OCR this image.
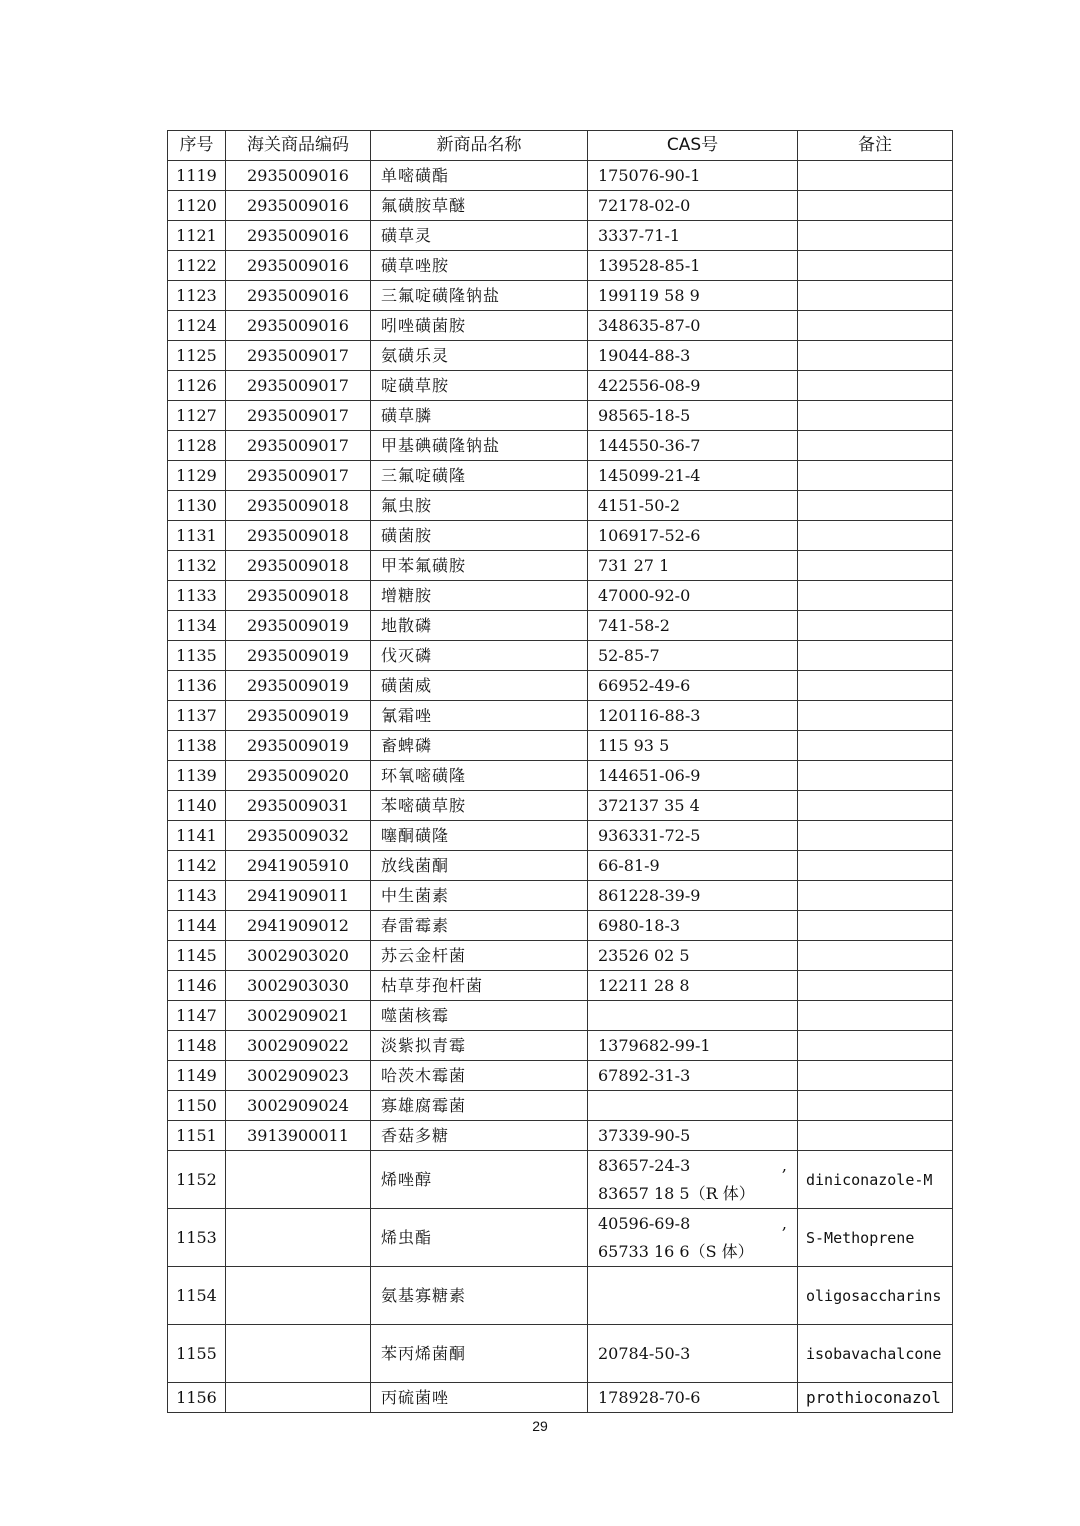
序号	海关商品编码	新商品名称	CAS号	备注
1119	2935009016	单嘧磺酯	175076-90-1	
1120	2935009016	氟磺胺草醚	72178-02-0	
1121	2935009016	磺草灵	3337-71-1	
1122	2935009016	磺草唑胺	139528-85-1	
1123	2935009016	三氟啶磺隆钠盐	199119 58 9	
1124	2935009016	吲唑磺菌胺	348635-87-0	
1125	2935009017	氨磺乐灵	19044-88-3	
1126	2935009017	啶磺草胺	422556-08-9	
1127	2935009017	磺草膦	98565-18-5	
1128	2935009017	甲基碘磺隆钠盐	144550-36-7	
1129	2935009017	三氟啶磺隆	145099-21-4	
1130	2935009018	氟虫胺	4151-50-2	
1131	2935009018	磺菌胺	106917-52-6	
1132	2935009018	甲苯氟磺胺	731 27 1	
1133	2935009018	增糖胺	47000-92-0	
1134	2935009019	地散磷	741-58-2	
1135	2935009019	伐灭磷	52-85-7	
1136	2935009019	磺菌威	66952-49-6	
1137	2935009019	氰霜唑	120116-88-3	
1138	2935009019	畜蜱磷	115 93 5	
1139	2935009020	环氧嘧磺隆	144651-06-9	
1140	2935009031	苯嘧磺草胺	372137 35 4	
1141	2935009032	噻酮磺隆	936331-72-5	
1142	2941905910	放线菌酮	66-81-9	
1143	2941909011	中生菌素	861228-39-9	
1144	2941909012	春雷霉素	6980-18-3	
1145	3002903020	苏云金杆菌	23526 02 5	
1146	3002903030	枯草芽孢杆菌	12211 28 8	
1147	3002909021	噬菌核霉		
1148	3002909022	淡紫拟青霉	1379682-99-1	
1149	3002909023	哈茨木霉菌	67892-31-3	
1150	3002909024	寡雄腐霉菌		
1151	3913900011	香菇多糖	37339-90-5	
1152		烯唑醇	83657-24-3 ,
83657 18 5（R 体）	diniconazole-M

1153		烯虫酯	40596-69-8 ,
65733 16 6（S 体）	S-Methoprene

1154		氨基寡糖素		oligosaccharins

1155		苯丙烯菌酮	20784-50-3	isobavachalcone

1156		丙硫菌唑	178928-70-6	prothioconazol
29
